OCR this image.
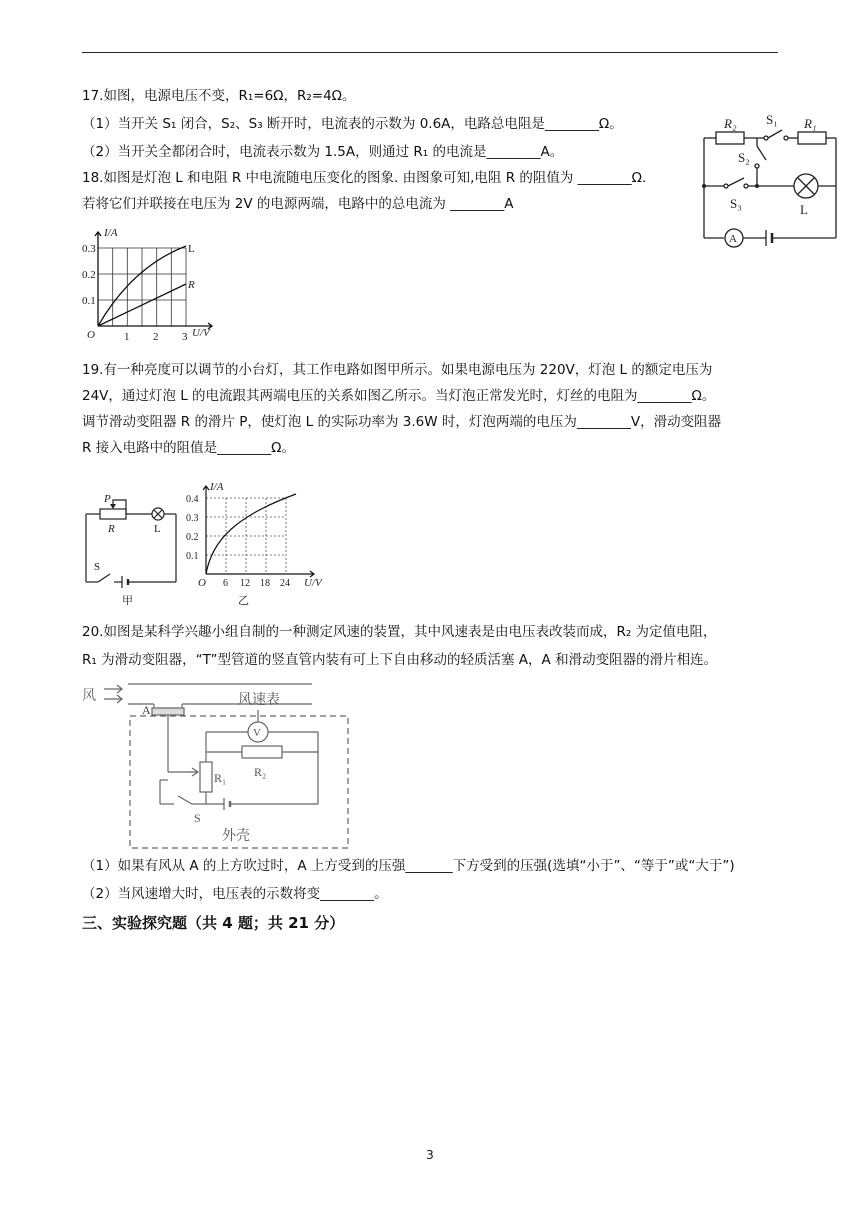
17.如图，电源电压不变，R₁=6Ω，R₂=4Ω。
（1）当开关 S₁ 闭合，S₂、S₃ 断开时，电流表的示数为 0.6A，电路总电阻是________Ω。
（2）当开关全都闭合时，电流表示数为 1.5A，则通过 R₁ 的电流是________A。
R₂ S₁ R₁
S₂
S₃	L
A
18.如图是灯泡 L 和电阻 R 中电流随电压变化的图象. 由图象可知,电阻 R 的阻值为 ________Ω.
若将它们并联接在电压为 2V 的电源两端，电路中的总电流为 ________A
I/A
U/V
O
0.3
0.2
0.1
1 2 3
L
R
19.有一种亮度可以调节的小台灯，其工作电路如图甲所示。如果电源电压为 220V，灯泡 L 的额定电压为
24V，通过灯泡 L 的电流跟其两端电压的关系如图乙所示。当灯泡正常发光时，灯丝的电阻为________Ω。
调节滑动变阻器 R 的滑片 P，使灯泡 L 的实际功率为 3.6W 时，灯泡两端的电压为________V，滑动变阻器
R 接入电路中的阻值是________Ω。
P
R	L
S
甲
I/A
U/V
O
0.4
0.3
0.2
0.1
6 12 18 24
乙
20.如图是某科学兴趣小组自制的一种测定风速的装置，其中风速表是由电压表改装而成，R₂ 为定值电阻，
R₁ 为滑动变阻器，“T”型管道的竖直管内装有可上下自由移动的轻质活塞 A，A 和滑动变阻器的滑片相连。
风
A
风速表
V
R₁ R₂
S
外壳
（1）如果有风从 A 的上方吹过时，A 上方受到的压强_______下方受到的压强(选填“小于”、“等于”或“大于”)
（2）当风速增大时，电压表的示数将变________。
三、实验探究题（共 4 题；共 21 分）
3
